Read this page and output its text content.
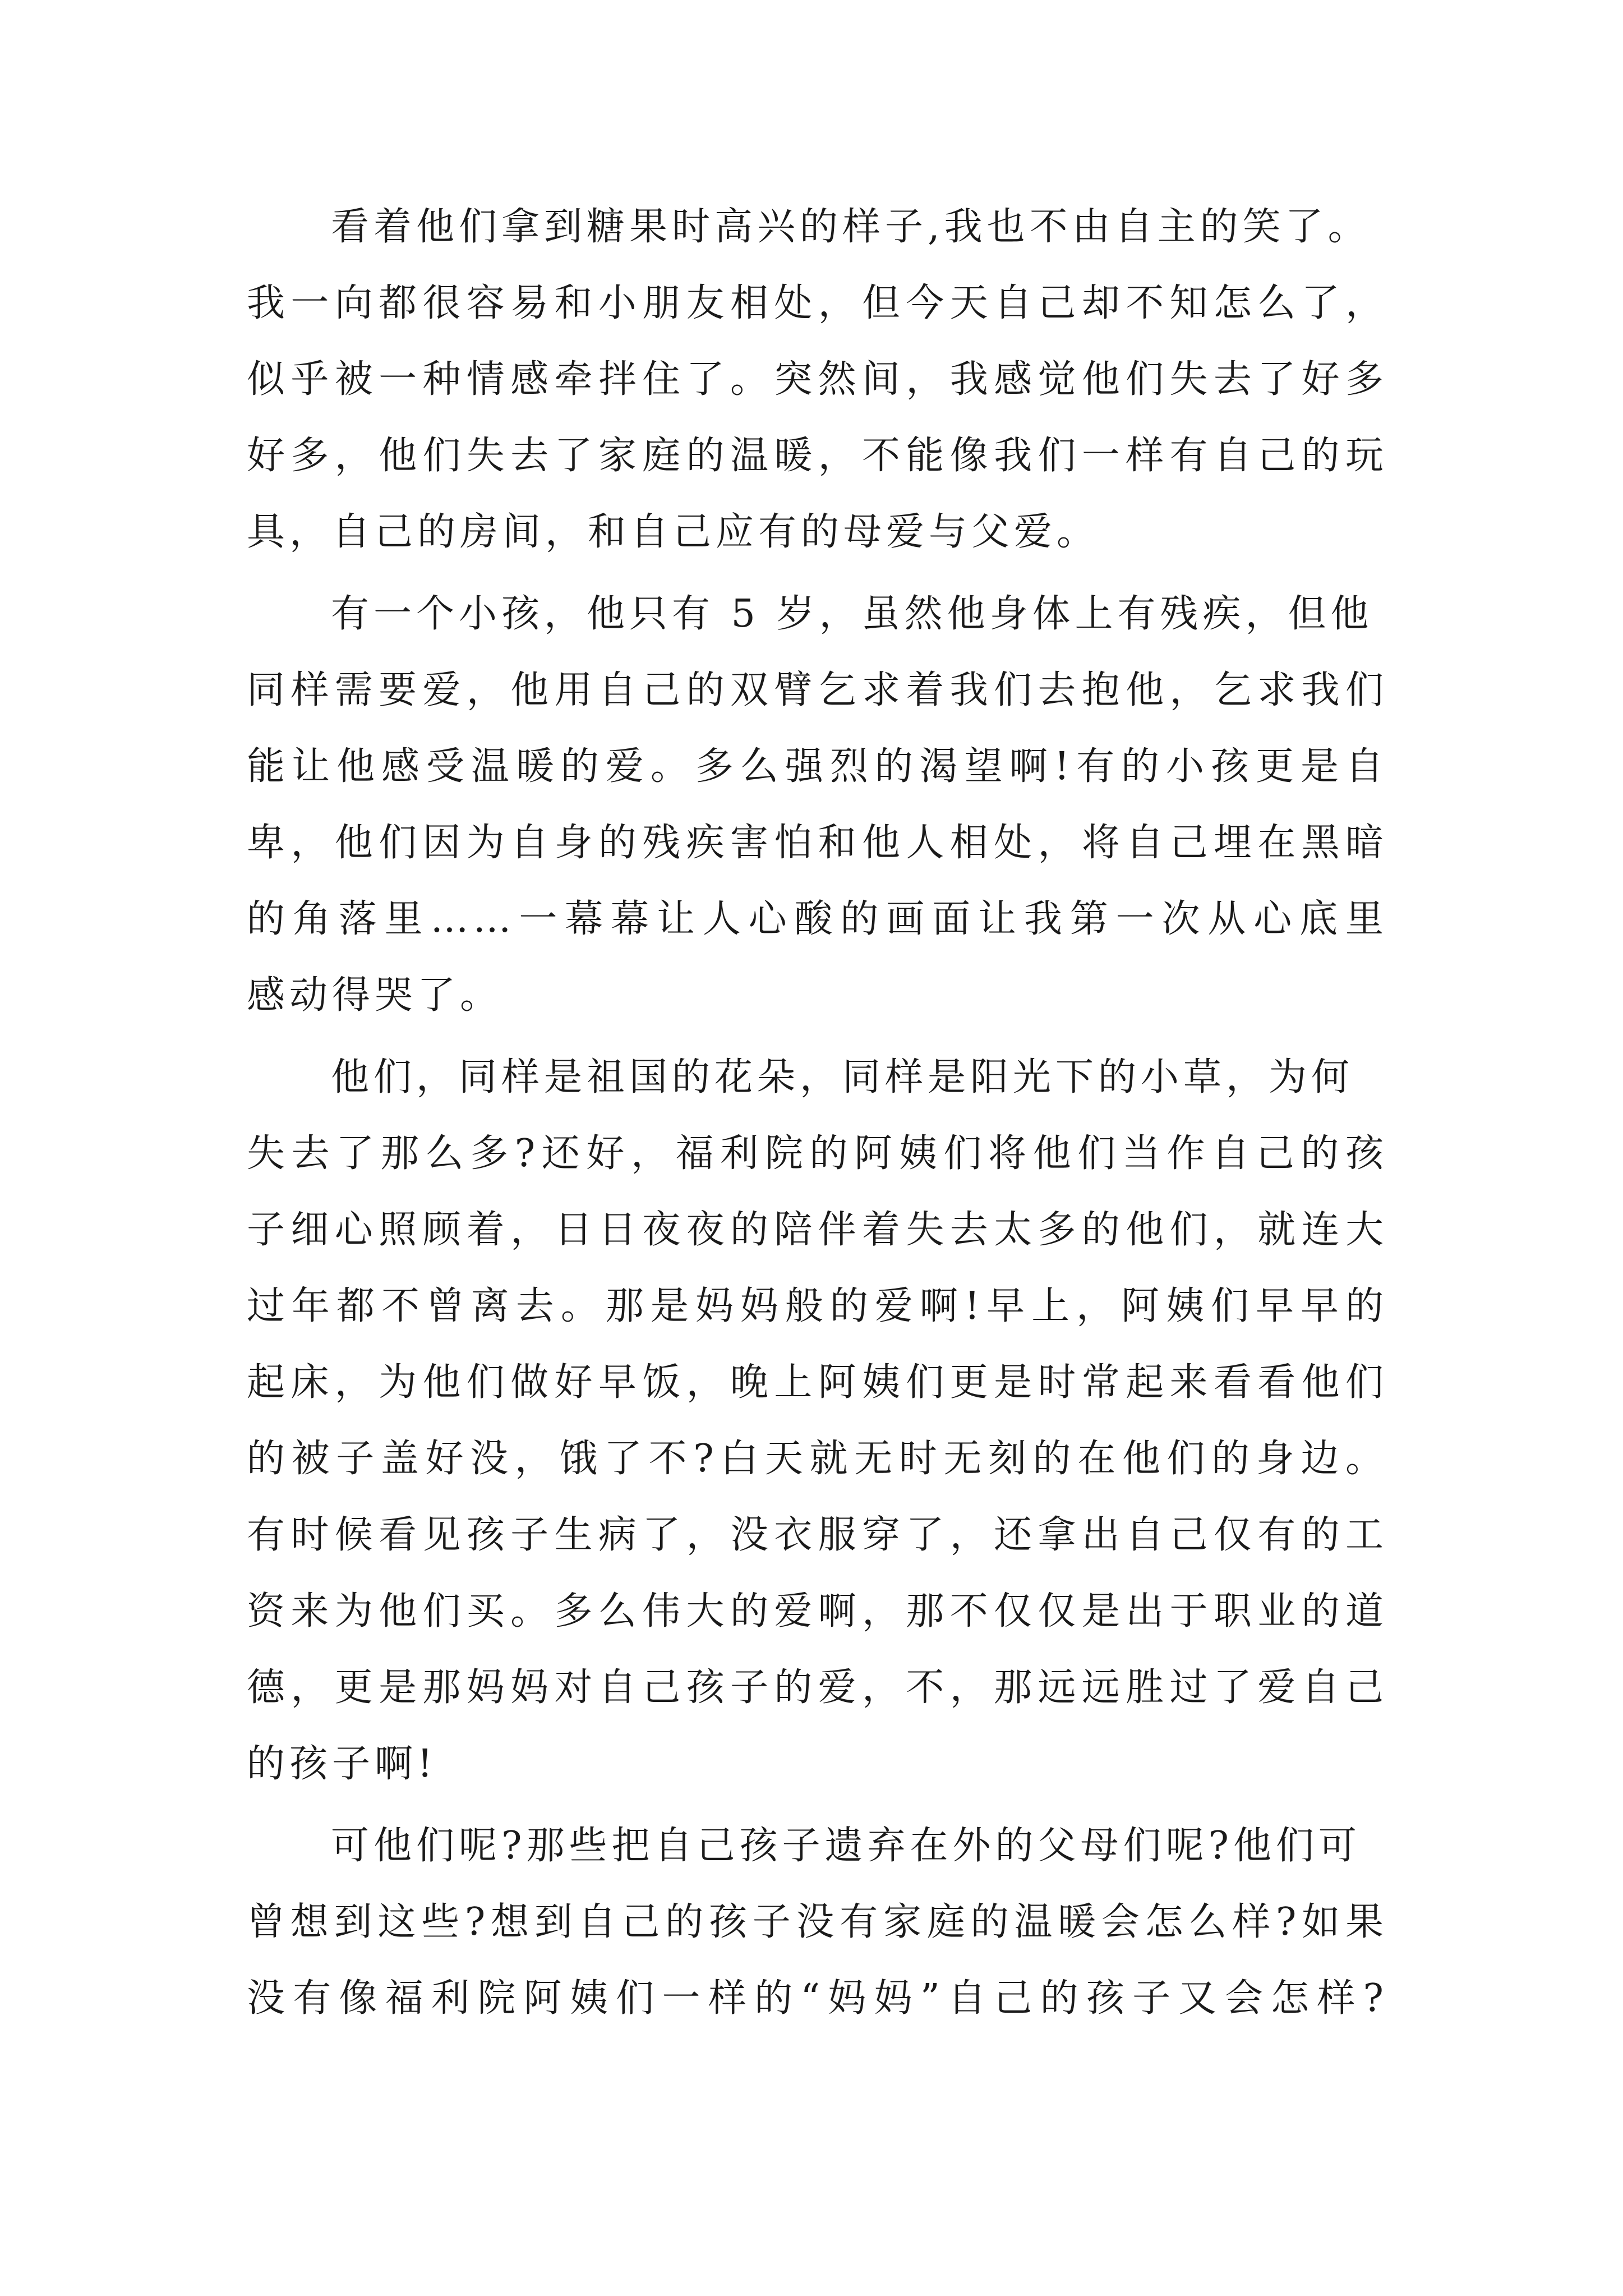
看着他们拿到糖果时高兴的样子,我也不由自主的笑了。
我一向都很容易和小朋友相处，但今天自己却不知怎么了，
似乎被一种情感牵拌住了。突然间，我感觉他们失去了好多
好多，他们失去了家庭的温暖，不能像我们一样有自己的玩
具，自己的房间，和自己应有的母爱与父爱。
有一个小孩，他只有 5 岁，虽然他身体上有残疾，但他
同样需要爱，他用自己的双臂乞求着我们去抱他，乞求我们
能让他感受温暖的爱。多么强烈的渴望啊!有的小孩更是自
卑，他们因为自身的残疾害怕和他人相处，将自己埋在黑暗
的角落里……一幕幕让人心酸的画面让我第一次从心底里
感动得哭了。
他们，同样是祖国的花朵，同样是阳光下的小草，为何
失去了那么多?还好，福利院的阿姨们将他们当作自己的孩
子细心照顾着，日日夜夜的陪伴着失去太多的他们，就连大
过年都不曾离去。那是妈妈般的爱啊!早上，阿姨们早早的
起床，为他们做好早饭，晚上阿姨们更是时常起来看看他们
的被子盖好没，饿了不?白天就无时无刻的在他们的身边。
有时候看见孩子生病了，没衣服穿了，还拿出自己仅有的工
资来为他们买。多么伟大的爱啊，那不仅仅是出于职业的道
德，更是那妈妈对自己孩子的爱，不，那远远胜过了爱自己
的孩子啊!
可他们呢?那些把自己孩子遗弃在外的父母们呢?他们可
曾想到这些?想到自己的孩子没有家庭的温暖会怎么样?如果
没有像福利院阿姨们一样的“妈妈”自己的孩子又会怎样?
